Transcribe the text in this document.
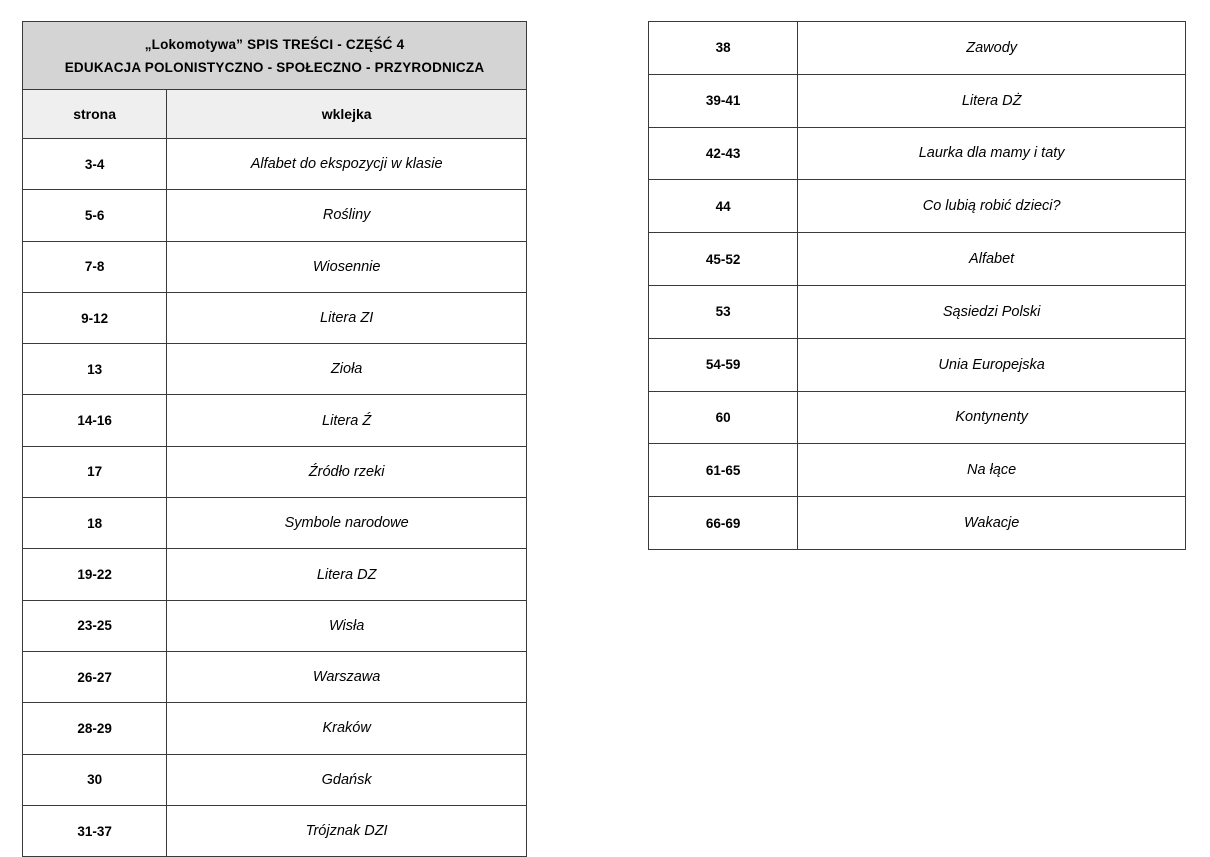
„Lokomotywa” SPIS TREŚCI - CZĘŚĆ 4
EDUKACJA POLONISTYCZNO - SPOŁECZNO - PRZYRODNICZA	

strona	wklejka
3-4	Alfabet do ekspozycji w klasie
5-6	Rośliny
7-8	Wiosennie
9-12	Litera ZI
13	Zioła
14-16	Litera Ź
17	Źródło rzeki
18	Symbole narodowe
19-22	Litera DZ
23-25	Wisła
26-27	Warszawa
28-29	Kraków
30	Gdańsk
31-37	Trójznak DZI
38	Zawody
39-41	Litera DŻ
42-43	Laurka dla mamy i taty
44	Co lubią robić dzieci?
45-52	Alfabet
53	Sąsiedzi Polski
54-59	Unia Europejska
60	Kontynenty
61-65	Na łące
66-69	Wakacje
